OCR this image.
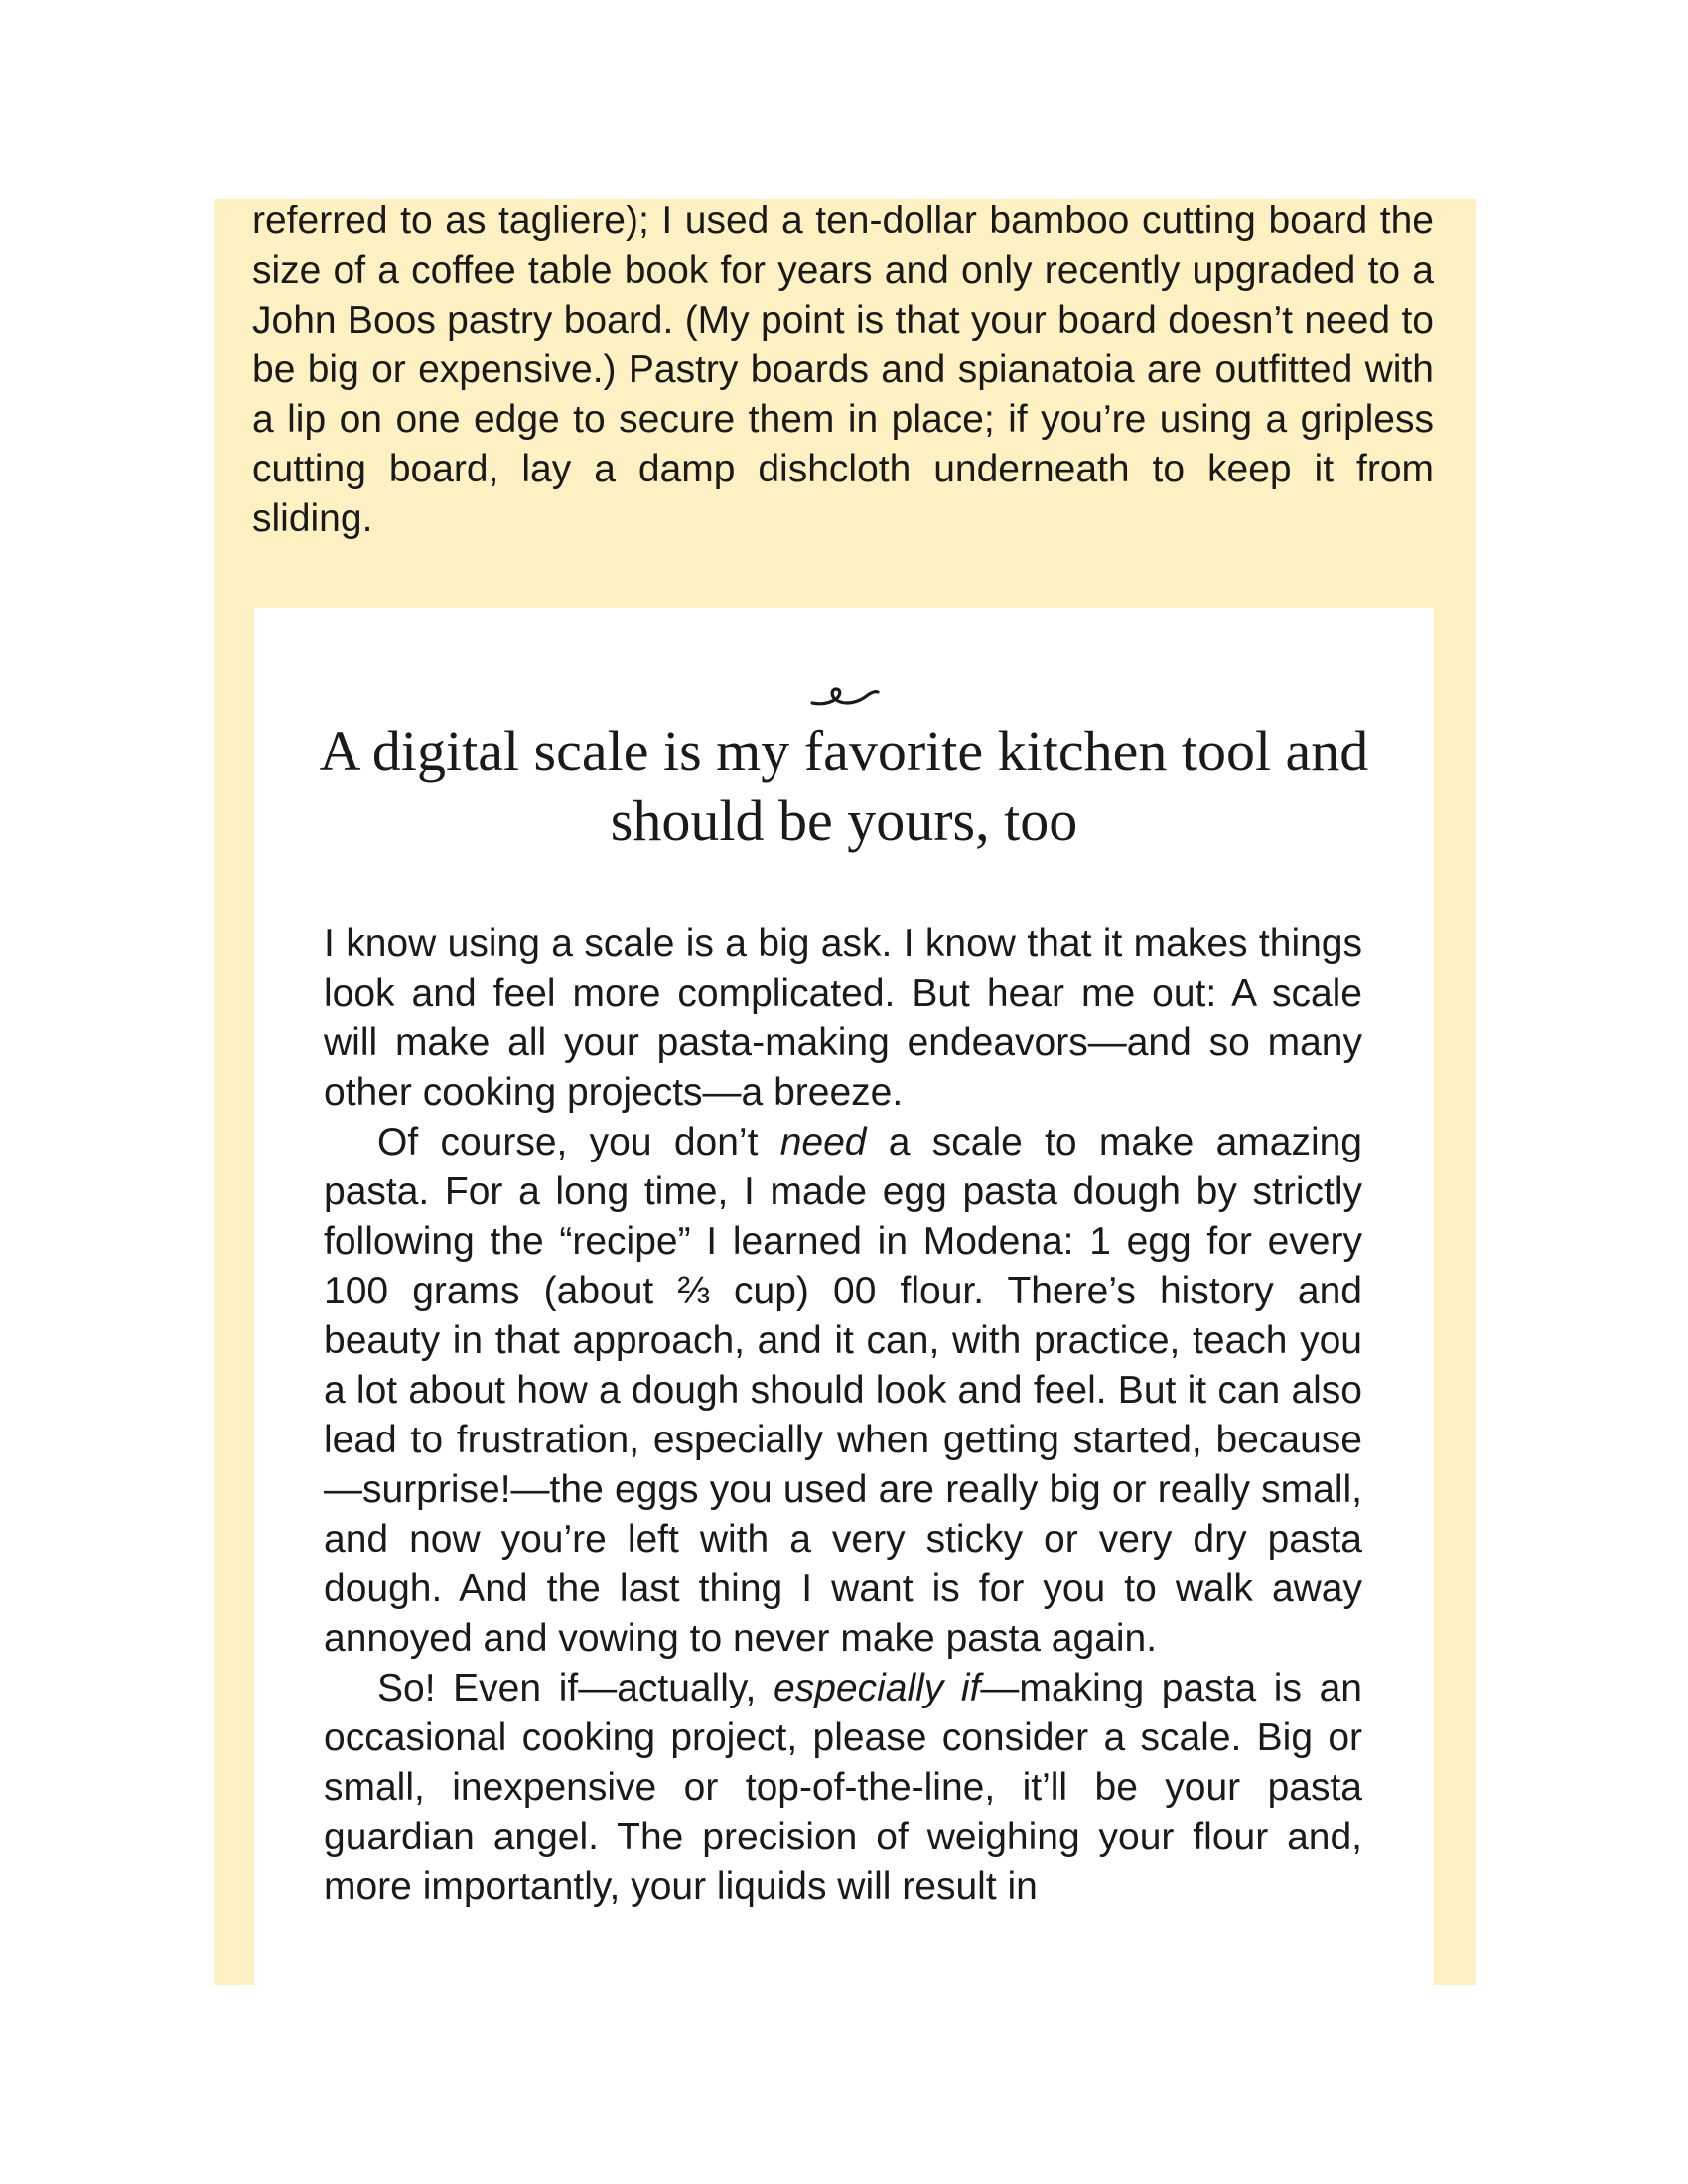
referred to as tagliere); I used a ten-dollar bamboo cutting board the size of a coffee table book for years and only recently upgraded to a John Boos pastry board. (My point is that your board doesn’t need to be big or expensive.) Pastry boards and spianatoia are outfitted with a lip on one edge to secure them in place; if you’re using a gripless cutting board, lay a damp dishcloth underneath to keep it from sliding.

A digital scale is my favorite kitchen tool and should be yours, too

I know using a scale is a big ask. I know that it makes things look and feel more complicated. But hear me out: A scale will make all your pasta-making endeavors—and so many other cooking projects—a breeze.

Of course, you don’t need a scale to make amazing pasta. For a long time, I made egg pasta dough by strictly following the “recipe” I learned in Modena: 1 egg for every 100 grams (about ⅔ cup) 00 flour. There’s history and beauty in that approach, and it can, with practice, teach you a lot about how a dough should look and feel. But it can also lead to frustration, especially when getting started, because—surprise!—the eggs you used are really big or really small, and now you’re left with a very sticky or very dry pasta dough. And the last thing I want is for you to walk away annoyed and vowing to never make pasta again.

So! Even if—actually, especially if—making pasta is an occasional cooking project, please consider a scale. Big or small, inexpensive or top-of-the-line, it’ll be your pasta guardian angel. The precision of weighing your flour and, more importantly, your liquids will result in
